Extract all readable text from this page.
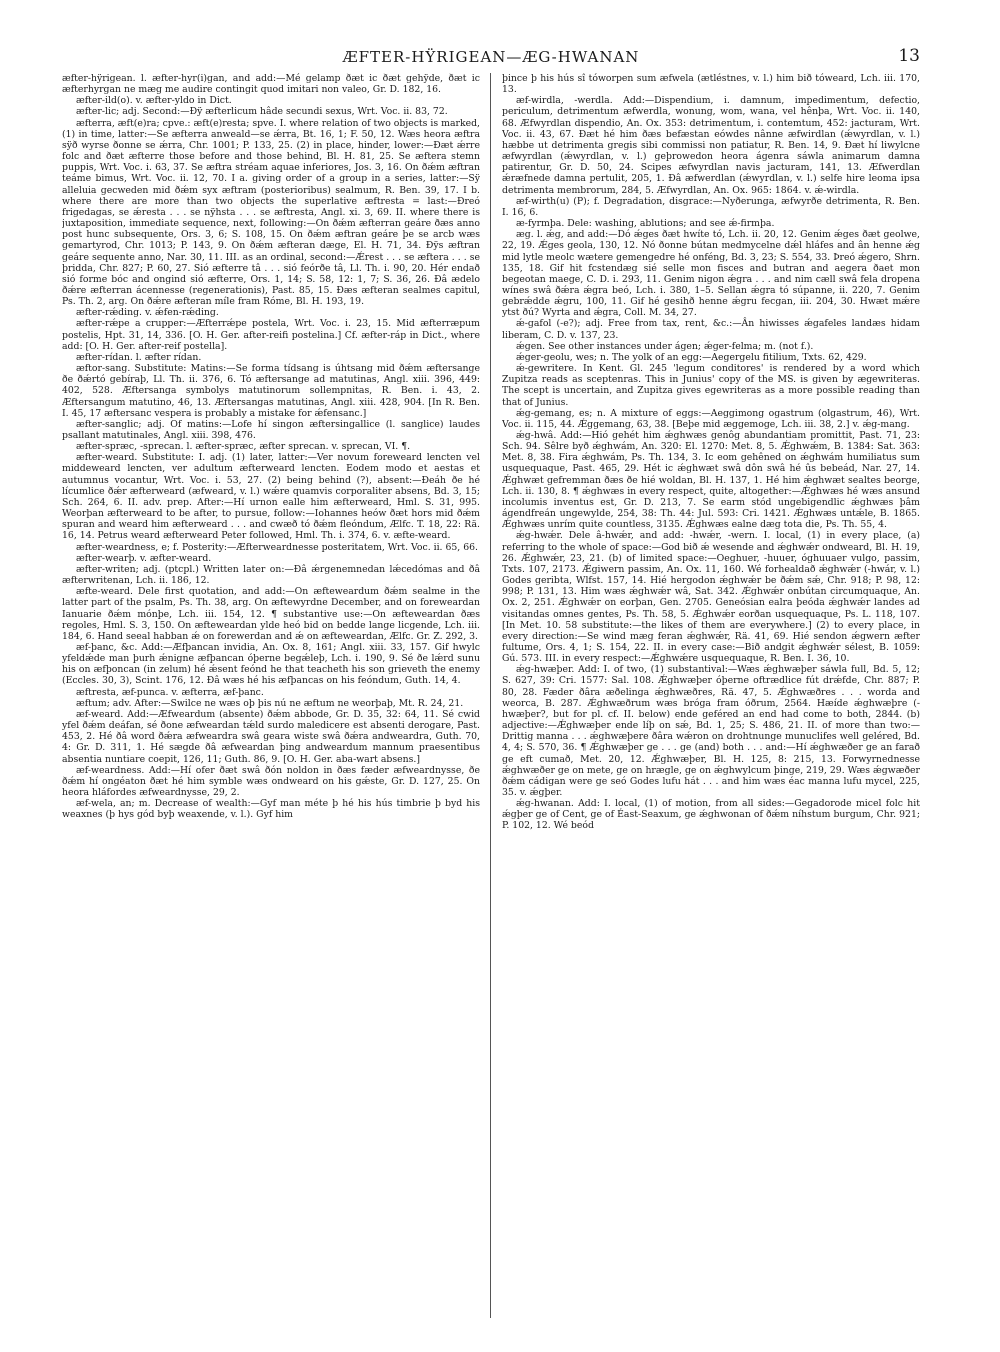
ÆFTER-HŸRIGEAN—ÆG-HWANAN	13

æfter-hÿrigean. l. æfter-hyr(i)gan, and add:—Mé gelamp ðæt ic ðæt gehÿde, ðæt ic æfterhyrgan ne mæg me audire contingit quod imitari non valeo, Gr. D. 182, 16.

æfter-ild(o). v. æfter-yldo in Dict.

æfter-lic; adj. Second:—Ðÿ æfterlicum hâde secundi sexus, Wrt. Voc. ii. 83, 72.

æfterra, æft(e)ra; cpve.: æft(e)resta; spve. I. where relation of two objects is marked, (1) in time, latter:—Se æfterra anweald—se ǽrra, Bt. 16, 1; F. 50, 12. Wæs heora æftra sÿð wyrse ðonne se ǽrra, Chr. 1001; P. 133, 25. (2) in place, hinder, lower:—Ðæt ǽrre folc and ðæt æfterre those before and those behind, Bl. H. 81, 25. Se æftera stemn puppis, Wrt. Voc. i. 63, 37. Se æftra stréam aquae inferiores, Jos. 3, 16. On ðǽm æftran teáme bimus, Wrt. Voc. ii. 12, 70. I a. giving order of a group in a series, latter:—Sÿ alleluia gecweden mid ðǽm syx æftram (posterioribus) sealmum, R. Ben. 39, 17. I b. where there are more than two objects the superlative æftresta = last:—Ðreó frigedagas, se ǽresta . . . se nÿhsta . . . se æftresta, Angl. xi. 3, 69. II. where there is juxtaposition, immediate sequence, next, following:—On ðǽm æfterran geáre ðæs anno post hunc subsequente, Ors. 3, 6; S. 108, 15. On ðǽm æftran geáre þe se arcb wæs gemartyrod, Chr. 1013; P. 143, 9. On ðǽm æfteran dæge, El. H. 71, 34. Ðÿs æftran geáre sequente anno, Nar. 30, 11. III. as an ordinal, second:—Ǽrest . . . se æftera . . . se þridda, Chr. 827; P. 60, 27. Sió æfterre tâ . . . sió feórðe tâ, Ll. Th. i. 90, 20. Hér endað sió forme bóc and ongind sió æfterre, Ors. 1, 14; S. 58, 12: 1, 7; S. 36, 26. Ðâ ædelo ðǽre æfterran ácennesse (regenerationis), Past. 85, 15. Ðæs æfteran sealmes capitul, Ps. Th. 2, arg. On ðǽre æfteran míle fram Róme, Bl. H. 193, 19.

æfter-rǽding. v. ǽfen-rǽding.

æfter-rǽpe a crupper:—Æfterrǽpe postela, Wrt. Voc. i. 23, 15. Mid æfterræpum postelis, Hpt. 31, 14, 336. [O. H. Ger. after-reifi postelina.] Cf. æfter-ráp in Dict., where add: [O. H. Ger. after-reif postella].

æfter-rídan. l. æfter rídan.

æftor-sang. Substitute: Matins:—Se forma tídsang is úhtsang mid ðǽm æftersange ðe ðǽrtó gebíraþ, Ll. Th. ii. 376, 6. Tó æftersange ad matutinas, Angl. xiii. 396, 449: 402, 528. Æftersanga symbolys matutinorum sollempnitas, R. Ben. i. 43, 2. Æftersangum matutino, 46, 13. Æftersangas matutinas, Angl. xiii. 428, 904. [In R. Ben. I. 45, 17 æftersanc vespera is probably a mistake for ǽfensanc.]

æfter-sanglic; adj. Of matins:—Lofe hí singon æftersingallice (l. sanglice) laudes psallant matutinales, Angl. xiii. 398, 476.

æfter-spræc, -sprecan. l. æfter-spræc, æfter sprecan. v. sprecan, VI. ¶.

æfter-weard. Substitute: I. adj. (1) later, latter:—Ver novum foreweard lencten vel middeweard lencten, ver adultum æfterweard lencten. Eodem modo et aestas et autumnus vocantur, Wrt. Voc. i. 53, 27. (2) being behind (?), absent:—Ðeáh ðe hé lícumlice ðǽr æfterweard (æfweard, v. l.) wǽre quamvis corporaliter absens, Bd. 3, 15; Sch. 264, 6. II. adv. prep. After:—Hí urnon ealle him æfterweard, Hml. S. 31, 995. Weorþan æfterweard to be after, to pursue, follow:—Iohannes heów ðæt hors mid ðǽm spuran and weard him æfterweard . . . and cwæð tó ðǽm fleóndum, Ælfc. T. 18, 22: Rä. 16, 14. Petrus weard æfterweard Peter followed, Hml. Th. i. 374, 6. v. æfte-weard.

æfter-weardness, e; f. Posterity:—Æfterweardnesse posteritatem, Wrt. Voc. ii. 65, 66.

æfter-wearþ. v. æfter-weard.

æfter-writen; adj. (ptcpl.) Written later on:—Ðâ ǽrgenemnedan lǽcedómas and ðâ æfterwritenan, Lch. ii. 186, 12.

æfte-weard. Dele first quotation, and add:—On æfteweardum ðǽm sealme in the latter part of the psalm, Ps. Th. 38, arg. On æftewyrdne December, and on foreweardan Ianuarie ðǽm mónþe, Lch. iii. 154, 12. ¶ substantive use:—On æfteweardan ðæs regoles, Hml. S. 3, 150. On æfteweardan ylde heó bid on bedde lange licgende, Lch. iii. 184, 6. Hand seeal habban ǽ on forewerdan and ǽ on æfteweardan, Ælfc. Gr. Z. 292, 3.

æf-þanc, &c. Add:—Æfþancan invidia, An. Ox. 8, 161; Angl. xiii. 33, 157. Gif hwylc yfeldǽde man þurh ǽnigne æfþancan óþerne begǽleþ, Lch. i. 190, 9. Sé ðe lǽrd sunu his on æfþoncan (in zelum) hé ǽsent feónd he that teacheth his son grieveth the enemy (Eccles. 30, 3), Scint. 176, 12. Ðâ wæs hé his æfþancas on his feóndum, Guth. 14, 4.

æftresta, æf-punca. v. æfterra, æf-þanc.

æftum; adv. After:—Swilce ne wæs oþ þis nú ne æftum ne weorþaþ, Mt. R. 24, 21.

æf-weard. Add:—Æfweardum (absente) ðǽm abbode, Gr. D. 35, 32: 64, 11. Sé cwid yfel ðǽm deáfan, sé ðone æfweardan tǽld surdo maledicere est absenti derogare, Past. 453, 2. Hé ðâ word ðǽra æfweardra swâ geara wiste swâ ðǽra andweardra, Guth. 70, 4: Gr. D. 311, 1. Hé sægde ðâ æfweardan þing andweardum mannum praesentibus absentia nuntiare coepit, 126, 11; Guth. 86, 9. [O. H. Ger. aba-wart absens.]

æf-weardness. Add:—Hí ofer ðæt swâ ðón noldon in ðæs fæder æfweardnysse, ðe ðǽm hí ongéaton ðæt hé him symble wæs ondweard on his gǽste, Gr. D. 127, 25. On heora hláfordes æfweardnysse, 29, 2.

æf-wela, an; m. Decrease of wealth:—Gyf man méte þ hé his hús timbrie þ byd his weaxnes (þ hys gód byþ weaxende, v. l.). Gyf him

þince þ his hús sî tóworpen sum æfwela (ætléstnes, v. l.) him bið tóweard, Lch. iii. 170, 13.

æf-wirdla, -werdla. Add:—Dispendium, i. damnum, impedimentum, defectio, periculum, detrimentum æfwerdla, wonung, wom, wana, vel hênþa, Wrt. Voc. ii. 140, 68. Æfwyrdlan dispendio, An. Ox. 353: detrimentum, i. contemtum, 452: jacturam, Wrt. Voc. ii. 43, 67. Ðæt hé him ðæs befæstan eówdes nânne æfwirdlan (ǽwyrdlan, v. l.) hæbbe ut detrimenta gregis sibi commissi non patiatur, R. Ben. 14, 9. Ðæt hí liwylcne æfwyrdlan (ǽwyrdlan, v. l.) geþrowedon heora ágenra sáwla animarum damna patirentur, Gr. D. 50, 24. Scipes æfwyrdlan navis jacturam, 141, 13. Æfwerdlan ǽræfnede damna pertulit, 205, 1. Ðâ æfwerdlan (ǽwyrdlan, v. l.) selfe hire leoma ipsa detrimenta membrorum, 284, 5. Æfwyrdlan, An. Ox. 965: 1864. v. ǽ-wirdla.

æf-wirth(u) (P); f. Degradation, disgrace:—Nyðerunga, æfwyrðe detrimenta, R. Ben. I. 16, 6.

æ-fyrmþa. Dele: washing, ablutions; and see ǽ-firmþa.

æg. l. ǽg, and add:—Dó ǽges ðæt hwíte tó, Lch. ii. 20, 12. Genim ǽges ðæt geolwe, 22, 19. Ǽges geola, 130, 12. Nó ðonne bútan medmycelne dǽl hláfes and ân henne ǽg mid lytle meolc wætere gemengedre hé onféng, Bd. 3, 23; S. 554, 33. Þreó ǽgero, Shrn. 135, 18. Gif hit fcstendæg sié selle mon fisces and butran and aegera ðaet mon begeotan maege, C. D. i. 293, 11. Genim nigon ǽgra . . . and nim cæll swâ fela dropena wínes swâ ðǽra ǽgra beó, Lch. i. 380, 1–5. Sellan ǽgra tó súpanne, ii. 220, 7. Genim gebrǽdde ǽgru, 100, 11. Gif hé gesihð henne ǽgru fecgan, iii. 204, 30. Hwæt mǽre ytst ðú? Wyrta and ǽgra, Coll. M. 34, 27.

ǽ-gafol (-e?); adj. Free from tax, rent, &c.:—Ân hiwisses ǽgafeles landæs hidam liberam, C. D. v. 137, 23.

ǽgen. See other instances under ágen; ǽger-felma; m. (not f.).

ǽger-geolu, wes; n. The yolk of an egg:—Aegergelu fitilium, Txts. 62, 429.

ǽ-gewritere. In Kent. Gl. 245 'legum conditores' is rendered by a word which Zupitza reads as sceptenras. This in Junius' copy of the MS. is given by ægewriteras. The scept is uncertain, and Zupitza gives egewriteras as a more possible reading than that of Junius.

ǽg-gemang, es; n. A mixture of eggs:—Aeggimong ogastrum (olgastrum, 46), Wrt. Voc. ii. 115, 44. Ǽggemang, 63, 38. [Beþe mid æggemoge, Lch. iii. 38, 2.] v. ǽg-mang.

ǽg-hwâ. Add:—Hió gehét him ǽghwæs genôg abundantiam promittit, Past. 71, 23: Sch. 94. Sêlre byð ǽghwám, An. 320: El. 1270: Met. 8, 5. Ǽghwǽm, B. 1384: Sat. 363: Met. 8, 38. Fira ǽghwám, Ps. Th. 134, 3. Ic eom gehêned on ǽghwám humiliatus sum usquequaque, Past. 465, 29. Hét ic ǽghwæt swâ dôn swâ hé ûs bebeád, Nar. 27, 14. Ǽghwæt gefremman ðæs ðe hié woldan, Bl. H. 137, 1. Hé him ǽghwæt sealtes beorge, Lch. ii. 130, 8. ¶ ǽghwæs in every respect, quite, altogether:—Ǽghwæs hé wæs ansund incolumis inventus est, Gr. D. 213, 7. Se earm stód ungebigendlic ǽghwæs þâm ágendfreán ungewylde, 254, 38: Th. 44: Jul. 593: Cri. 1421. Ǽghwæs untǽle, B. 1865. Ǽghwæs unrím quite countless, 3135. Ǽghwæs ealne dæg tota die, Ps. Th. 55, 4.

ǽg-hwǽr. Dele â-hwǽr, and add: -hwǽr, -wern. I. local, (1) in every place, (a) referring to the whole of space:—God bið ǽ wesende and ǽghwǽr ondweard, Bl. H. 19, 26. Ǽghwǽr, 23, 21. (b) of limited space:—Oeghuer, -huuer, óghuuaer vulgo, passim, Txts. 107, 2173. Ǽgiwern passim, An. Ox. 11, 160. Wé forhealdað ǽghwǽr (-hwár, v. l.) Godes geribta, Wlfst. 157, 14. Hié hergodon ǽghwǽr be ðǽm sǽ, Chr. 918; P. 98, 12: 998; P. 131, 13. Him wæs ǽghwǽr wâ, Sat. 342. Ǽghwǽr onbútan circumquaque, An. Ox. 2, 251. Ǽghwǽr on eorþan, Gen. 2705. Geneósian ealra þeóda ǽghwǽr landes ad visitandas omnes gentes, Ps. Th. 58, 5. Ǽghwǽr eorðan usquequaque, Ps. L. 118, 107. [In Met. 10. 58 substitute:—the likes of them are everywhere.] (2) to every place, in every direction:—Se wind mæg feran ǽghwǽr, Rä. 41, 69. Hié sendon ǽgwern æfter fultume, Ors. 4, 1; S. 154, 22. II. in every case:—Bið andgit ǽghwǽr sélest, B. 1059: Gú. 573. III. in every respect:—Ǽghwǽre usquequaque, R. Ben. I. 36, 10.

ǽg-hwæþer. Add: I. of two, (1) substantival:—Wæs ǽghwæþer sáwla full, Bd. 5, 12; S. 627, 39: Cri. 1577: Sal. 108. Ǽghwæþer óþerne oftrædlice fút drǽfde, Chr. 887; P. 80, 28. Fæder ðâra æðelinga ǽghwæðres, Rä. 47, 5. Ǽghwæðres . . . worda and weorca, B. 287. Ǽghwæðrum wæs bróga fram óðrum, 2564. Hæíde ǽghwæþre (-hwæþer?, but for pl. cf. II. below) ende geféred an end had come to both, 2844. (b) adjective:—Ǽghwæþer ende líþ on sǽ, Bd. 1, 25; S. 486, 21. II. of more than two:—Drittig manna . . . ǽghwæþere ðâra wǽron on drohtnunge munuclifes well geléred, Bd. 4, 4; S. 570, 36. ¶ Ǽghwæþer ge . . . ge (and) both . . . and:—Hí ǽghwæðer ge an farað ge eft cumað, Met. 20, 12. Ǽghwæþer, Bl. H. 125, 8: 215, 13. Forwyrnednesse ǽghwæðer ge on mete, ge on hrægle, ge on ǽghwylcum þinge, 219, 29. Wæs ǽgwæðer ðǽm cádigan were ge seó Godes lufu hát . . . and him wæs éac manna lufu mycel, 225, 35. v. ǽgþer.

ǽg-hwanan. Add: I. local, (1) of motion, from all sides:—Gegadorode micel folc hit ǽgþer ge of Cent, ge of Éast-Seaxum, ge ǽghwonan of ðǽm níhstum burgum, Chr. 921; P. 102, 12. Wé beód
